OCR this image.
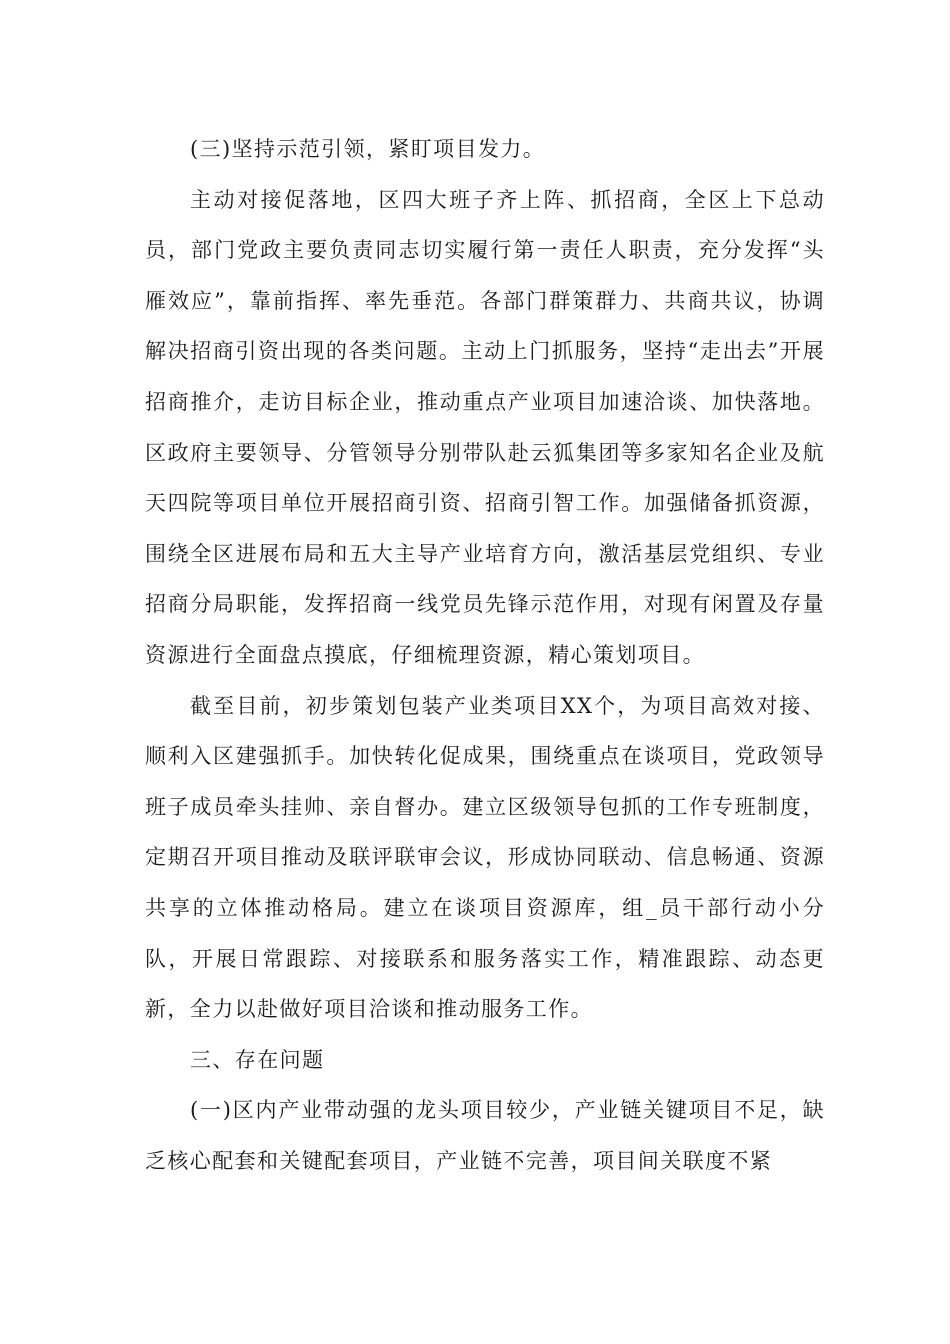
(三)坚持示范引领，紧盯项目发力。

主动对接促落地，区四大班子齐上阵、抓招商，全区上下总动员，部门党政主要负责同志切实履行第一责任人职责，充分发挥“头雁效应”，靠前指挥、率先垂范。各部门群策群力、共商共议，协调解决招商引资出现的各类问题。主动上门抓服务，坚持“走出去”开展招商推介，走访目标企业，推动重点产业项目加速洽谈、加快落地。区政府主要领导、分管领导分别带队赴云狐集团等多家知名企业及航天四院等项目单位开展招商引资、招商引智工作。加强储备抓资源，围绕全区进展布局和五大主导产业培育方向，激活基层党组织、专业招商分局职能，发挥招商一线党员先锋示范作用，对现有闲置及存量资源进行全面盘点摸底，仔细梳理资源，精心策划项目。

截至目前，初步策划包装产业类项目XX个，为项目高效对接、顺利入区建强抓手。加快转化促成果，围绕重点在谈项目，党政领导班子成员牵头挂帅、亲自督办。建立区级领导包抓的工作专班制度，定期召开项目推动及联评联审会议，形成协同联动、信息畅通、资源共享的立体推动格局。建立在谈项目资源库，组_员干部行动小分队，开展日常跟踪、对接联系和服务落实工作，精准跟踪、动态更新，全力以赴做好项目洽谈和推动服务工作。

三、存在问题

(一)区内产业带动强的龙头项目较少，产业链关键项目不足，缺乏核心配套和关键配套项目，产业链不完善，项目间关联度不紧
